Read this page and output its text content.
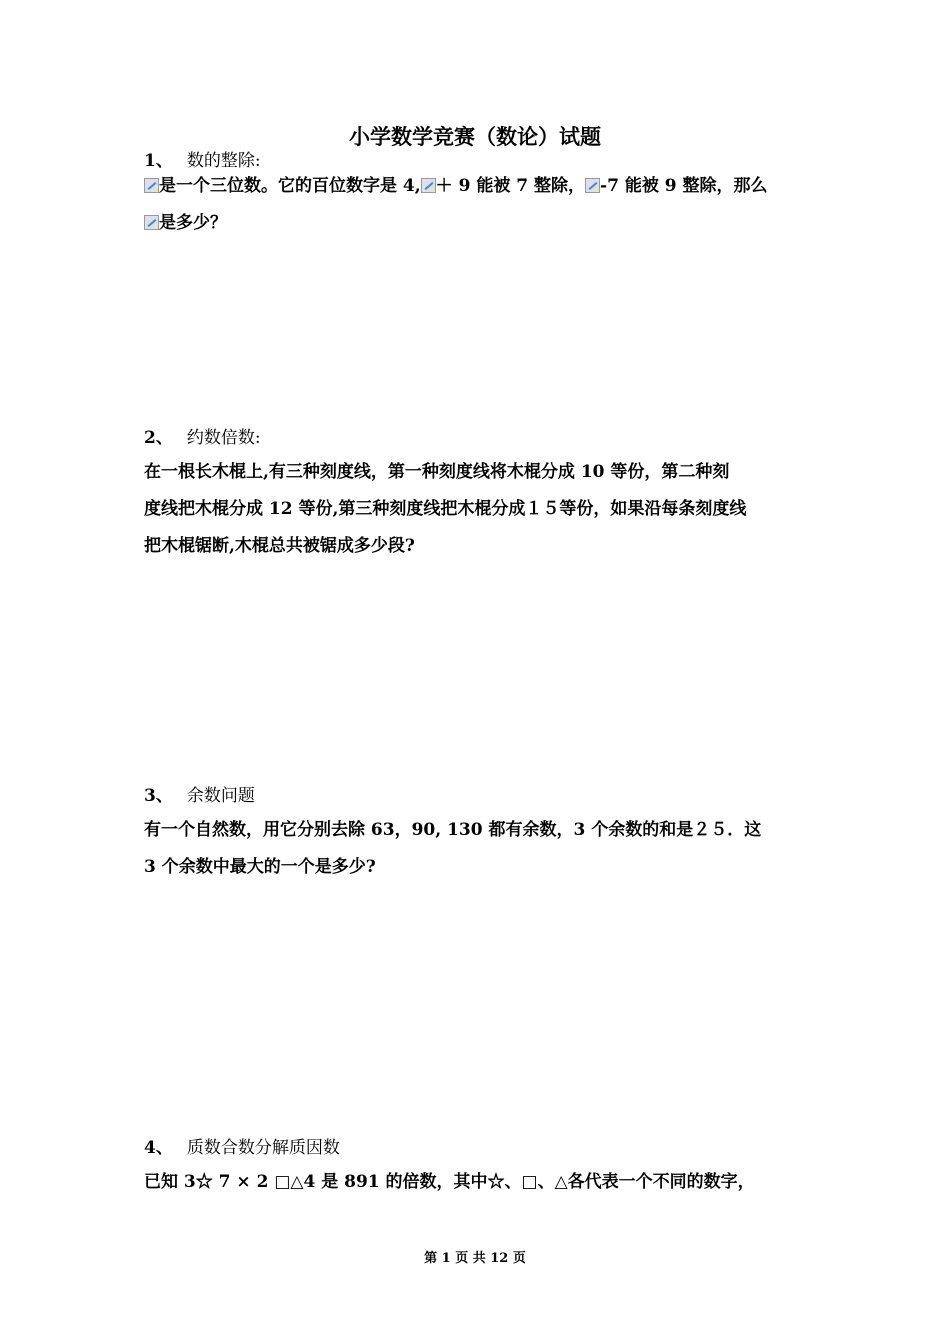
小学数学竞赛（数论）试题
1、 数的整除:
是一个三位数。它的百位数字是 4, ＋ 9 能被 7 整除， -7 能被 9 整除，那么
是多少？
2、 约数倍数:
在一根长木棍上,有三种刻度线，第一种刻度线将木棍分成 10 等份，第二种刻
度线把木棍分成 12 等份,第三种刻度线把木棍分成１５等份，如果沿每条刻度线
把木棍锯断,木棍总共被锯成多少段?
3、 余数问题
有一个自然数，用它分别去除 63，90, 130 都有余数，3 个余数的和是２５．这
3 个余数中最大的一个是多少?
4、 质数合数分解质因数
已知 3☆ 7 × 2 □△4 是 891 的倍数，其中☆、□、△各代表一个不同的数字，
第 1 页 共 12 页
